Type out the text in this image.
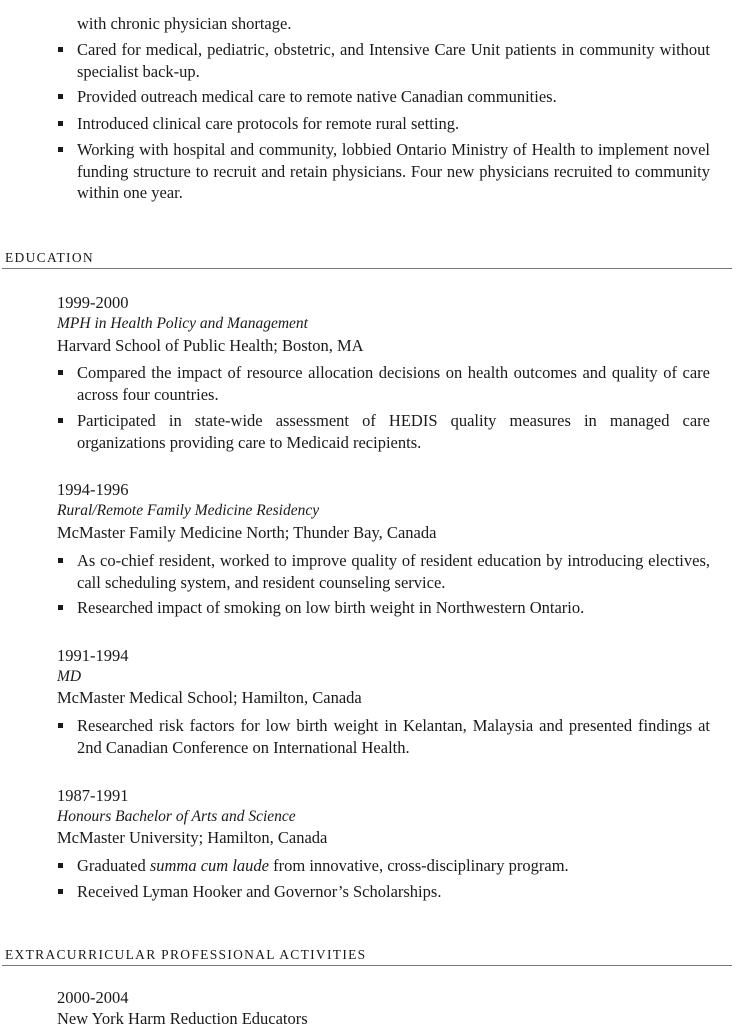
with chronic physician shortage.
Cared for medical, pediatric, obstetric, and Intensive Care Unit patients in community without specialist back-up.
Provided outreach medical care to remote native Canadian communities.
Introduced clinical care protocols for remote rural setting.
Working with hospital and community, lobbied Ontario Ministry of Health to implement novel funding structure to recruit and retain physicians. Four new physicians recruited to community within one year.
EDUCATION
1999-2000
MPH in Health Policy and Management
Harvard School of Public Health; Boston, MA
Compared the impact of resource allocation decisions on health outcomes and quality of care across four countries.
Participated in state-wide assessment of HEDIS quality measures in managed care organizations providing care to Medicaid recipients.
1994-1996
Rural/Remote Family Medicine Residency
McMaster Family Medicine North; Thunder Bay, Canada
As co-chief resident, worked to improve quality of resident education by introducing electives, call scheduling system, and resident counseling service.
Researched impact of smoking on low birth weight in Northwestern Ontario.
1991-1994
MD
McMaster Medical School; Hamilton, Canada
Researched risk factors for low birth weight in Kelantan, Malaysia and presented findings at 2nd Canadian Conference on International Health.
1987-1991
Honours Bachelor of Arts and Science
McMaster University; Hamilton, Canada
Graduated summa cum laude from innovative, cross-disciplinary program.
Received Lyman Hooker and Governor’s Scholarships.
EXTRACURRICULAR PROFESSIONAL ACTIVITIES
2000-2004
New York Harm Reduction Educators
